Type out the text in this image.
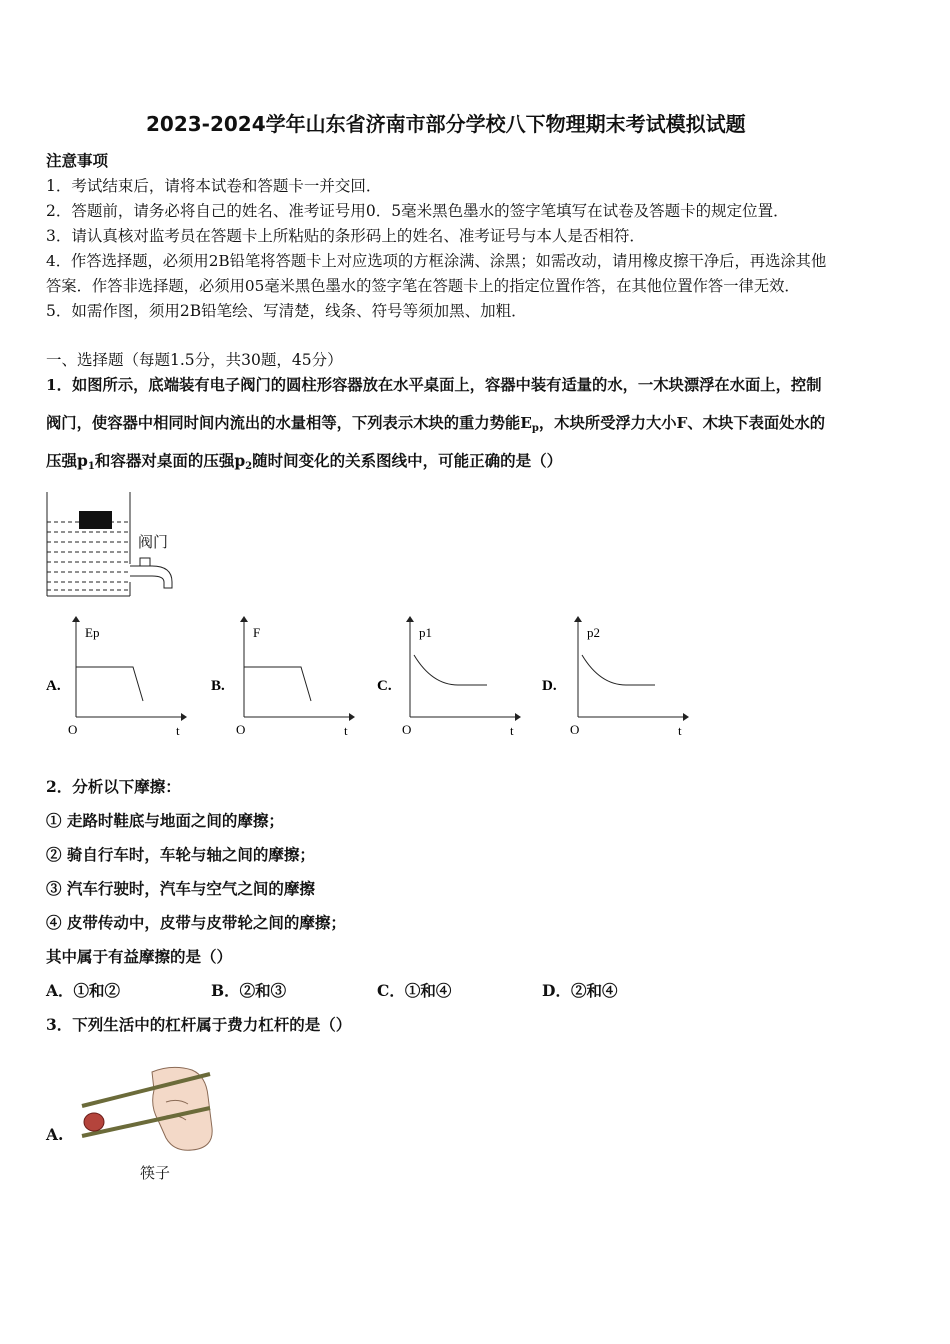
2023-2024学年山东省济南市部分学校八下物理期末考试模拟试题
注意事项
1．考试结束后，请将本试卷和答题卡一并交回．
2．答题前，请务必将自己的姓名、准考证号用0．5毫米黑色墨水的签字笔填写在试卷及答题卡的规定位置．
3．请认真核对监考员在答题卡上所粘贴的条形码上的姓名、准考证号与本人是否相符．
4．作答选择题，必须用2B铅笔将答题卡上对应选项的方框涂满、涂黑；如需改动，请用橡皮擦干净后，再选涂其他
答案．作答非选择题，必须用05毫米黑色墨水的签字笔在答题卡上的指定位置作答，在其他位置作答一律无效．
5．如需作图，须用2B铅笔绘、写清楚，线条、符号等须加黑、加粗．
一、选择题（每题1.5分，共30题，45分）
1．如图所示，底端装有电子阀门的圆柱形容器放在水平桌面上，容器中装有适量的水，一木块漂浮在水面上，控制
阀门，使容器中相同时间内流出的水量相等，下列表示木块的重力势能$E_p$，木块所受浮力大小F、木块下表面处水的
压强$p_1$和容器对桌面的压强$p_2$随时间变化的关系图线中，可能正确的是（）
阀门
Ep
O	t
A.
F
O	t
B.
p1
O	t
C.
p2
O	t
D.
2．分析以下摩擦：
① 走路时鞋底与地面之间的摩擦；
② 骑自行车时，车轮与轴之间的摩擦；
③ 汽车行驶时，汽车与空气之间的摩擦
④ 皮带传动中，皮带与皮带轮之间的摩擦；
其中属于有益摩擦的是（）
A．①和②	B．②和③	C．①和④	D．②和④
3．下列生活中的杠杆属于费力杠杆的是（）
A.
筷子
